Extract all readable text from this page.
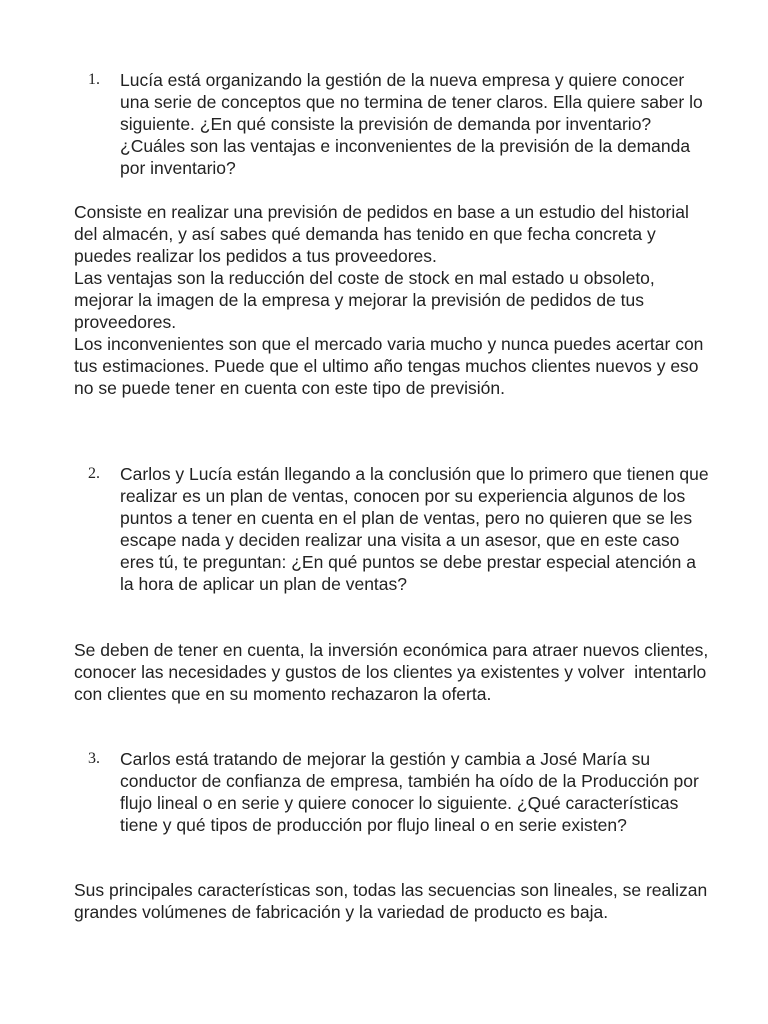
1. Lucía está organizando la gestión de la nueva empresa y quiere conocer una serie de conceptos que no termina de tener claros. Ella quiere saber lo siguiente. ¿En qué consiste la previsión de demanda por inventario? ¿Cuáles son las ventajas e inconvenientes de la previsión de la demanda por inventario?

Consiste en realizar una previsión de pedidos en base a un estudio del historial del almacén, y así sabes qué demanda has tenido en que fecha concreta y puedes realizar los pedidos a tus proveedores.

Las ventajas son la reducción del coste de stock en mal estado u obsoleto, mejorar la imagen de la empresa y mejorar la previsión de pedidos de tus proveedores.

Los inconvenientes son que el mercado varia mucho y nunca puedes acertar con tus estimaciones. Puede que el ultimo año tengas muchos clientes nuevos y eso no se puede tener en cuenta con este tipo de previsión.

2. Carlos y Lucía están llegando a la conclusión que lo primero que tienen que realizar es un plan de ventas, conocen por su experiencia algunos de los puntos a tener en cuenta en el plan de ventas, pero no quieren que se les escape nada y deciden realizar una visita a un asesor, que en este caso eres tú, te preguntan: ¿En qué puntos se debe prestar especial atención a la hora de aplicar un plan de ventas?

Se deben de tener en cuenta, la inversión económica para atraer nuevos clientes, conocer las necesidades y gustos de los clientes ya existentes y volver  intentarlo con clientes que en su momento rechazaron la oferta.

3. Carlos está tratando de mejorar la gestión y cambia a José María su conductor de confianza de empresa, también ha oído de la Producción por flujo lineal o en serie y quiere conocer lo siguiente. ¿Qué características tiene y qué tipos de producción por flujo lineal o en serie existen?

Sus principales características son, todas las secuencias son lineales, se realizan grandes volúmenes de fabricación y la variedad de producto es baja.
